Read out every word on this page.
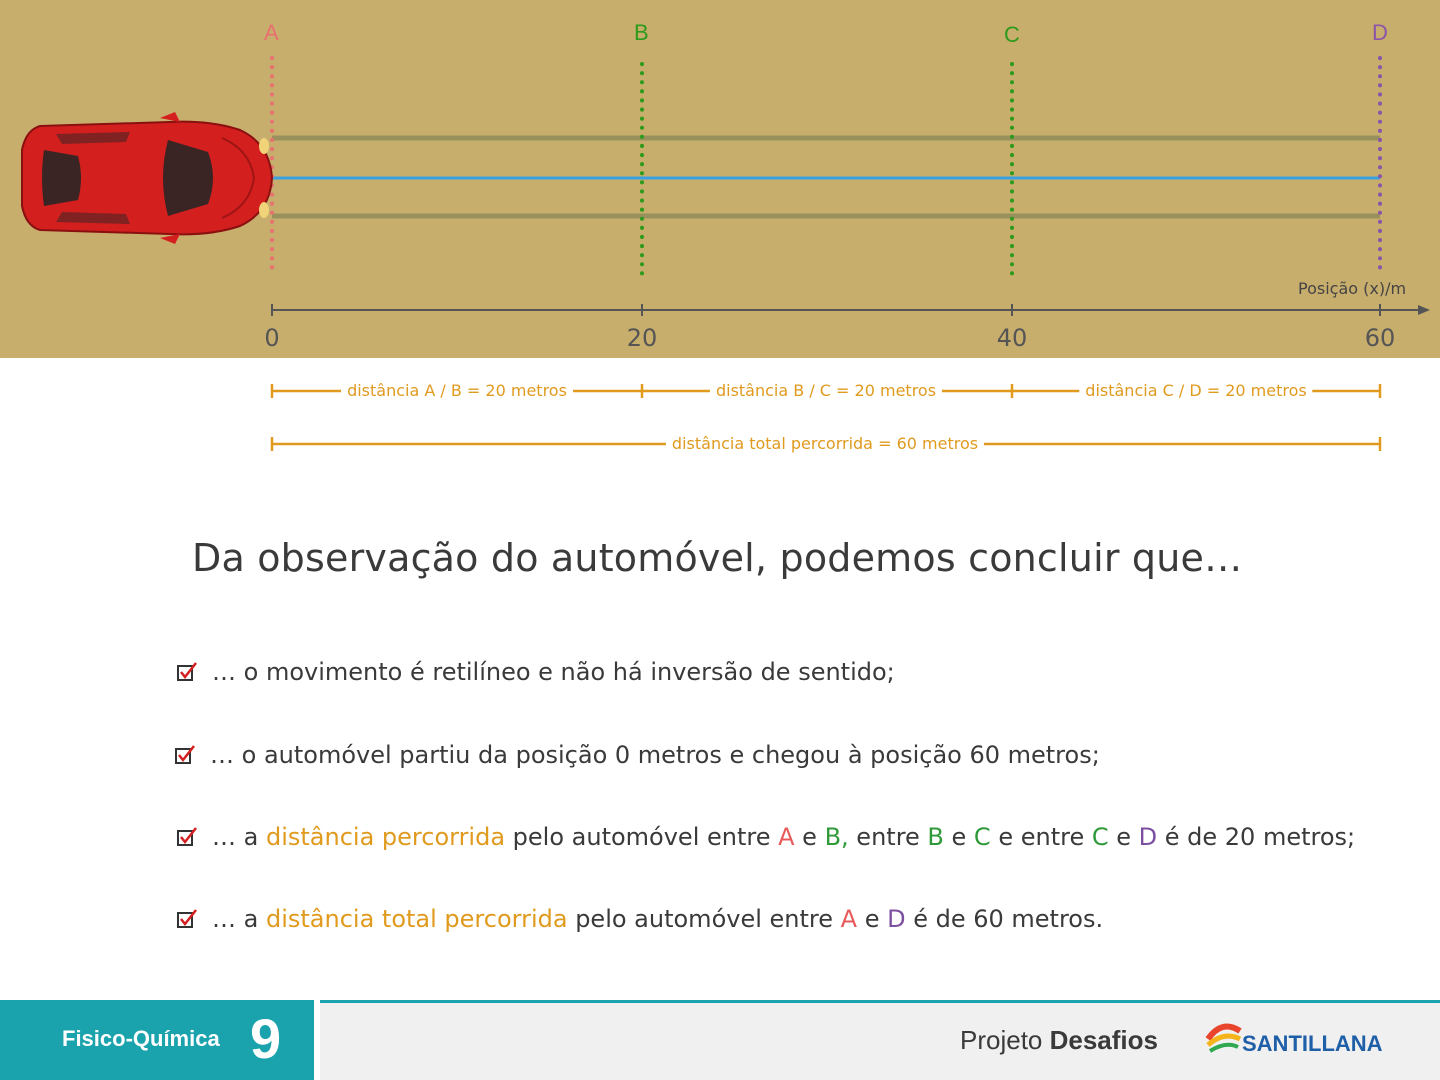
A	B	C	D
Posição (x)/m
0	20	40	60
distância A / B = 20 metros	distância B / C = 20 metros	distância C / D = 20 metros
distância total percorrida = 60 metros
Da observação do automóvel, podemos concluir que…
… o movimento é retilíneo e não há inversão de sentido;
… o automóvel partiu da posição 0 metros e chegou à posição 60 metros;
… a distância percorrida pelo automóvel entre A e B, entre B e C e entre C e D é de 20 metros;
… a distância total percorrida pelo automóvel entre A e D é de 60 metros.
Fisico-Química 9	Projeto Desafios	SANTILLANA
